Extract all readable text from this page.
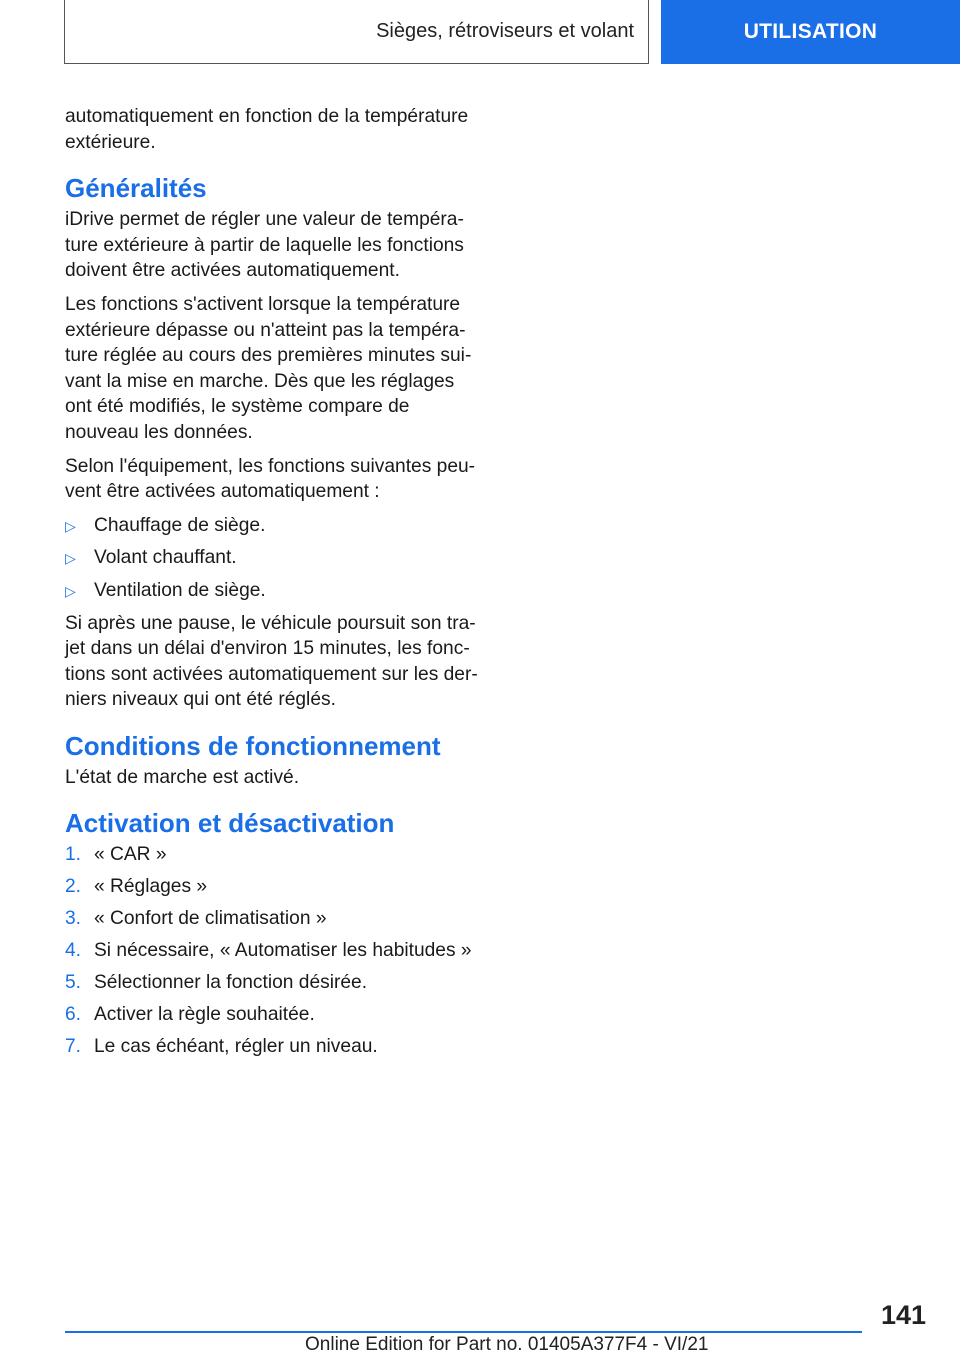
Sièges, rétroviseurs et volant	UTILISATION

automatiquement en fonction de la température extérieure.

Généralités

iDrive permet de régler une valeur de température extérieure à partir de laquelle les fonctions doivent être activées automatiquement.

Les fonctions s'activent lorsque la température extérieure dépasse ou n'atteint pas la température réglée au cours des premières minutes suivant la mise en marche. Dès que les réglages ont été modifiés, le système compare de nouveau les données.

Selon l'équipement, les fonctions suivantes peuvent être activées automatiquement :

▷ Chauffage de siège.
▷ Volant chauffant.
▷ Ventilation de siège.

Si après une pause, le véhicule poursuit son trajet dans un délai d'environ 15 minutes, les fonctions sont activées automatiquement sur les derniers niveaux qui ont été réglés.

Conditions de fonctionnement

L'état de marche est activé.

Activation et désactivation
1. « CAR »
2. « Réglages »
3. « Confort de climatisation »
4. Si nécessaire, « Automatiser les habitudes »
5. Sélectionner la fonction désirée.
6. Activer la règle souhaitée.
7. Le cas échéant, régler un niveau.
141
Online Edition for Part no. 01405A377F4 - VI/21
